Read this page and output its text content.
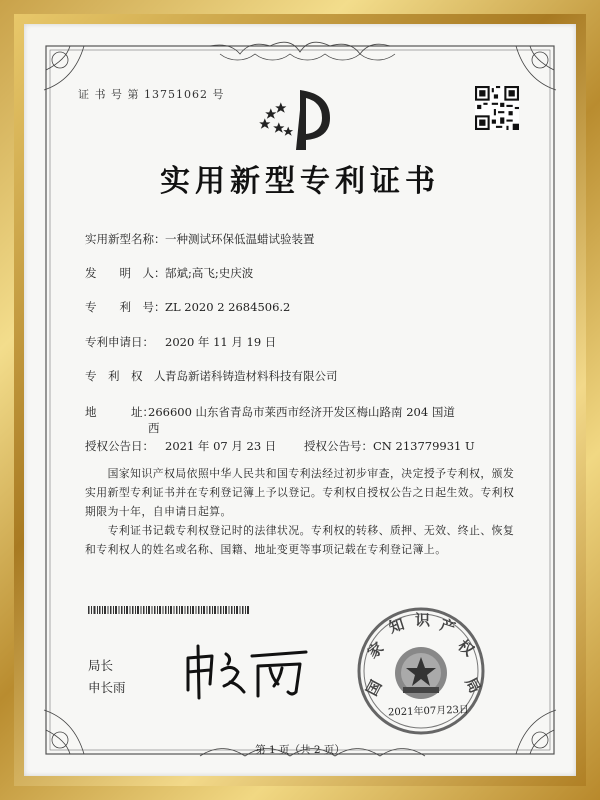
证 书 号 第 13751062 号
实用新型专利证书
实用新型名称：一种测试环保低温蜡试验装置
发　　明　人：郜斌;高飞;史庆波
专　　利　号：ZL 2020 2 2684506.2
专利申请日： 2020 年 11 月 19 日
专　利　权　人：青岛新诺科铸造材料科技有限公司
地　　　址：266600 山东省青岛市莱西市经济开发区梅山路南 204 国道
西
授权公告日： 2021 年 07 月 23 日 授权公告号：CN 213779931 U
　　国家知识产权局依照中华人民共和国专利法经过初步审查，决定授予专利权，颁发实用新型专利证书并在专利登记簿上予以登记。专利权自授权公告之日起生效。专利权期限为十年，自申请日起算。
　　专利证书记载专利权登记时的法律状况。专利权的转移、质押、无效、终止、恢复和专利权人的姓名或名称、国籍、地址变更等事项记载在专利登记簿上。
局长
申长雨	国
家
知 识 产
权
局
2021年07月23日
第 1 页（共 2 页）
